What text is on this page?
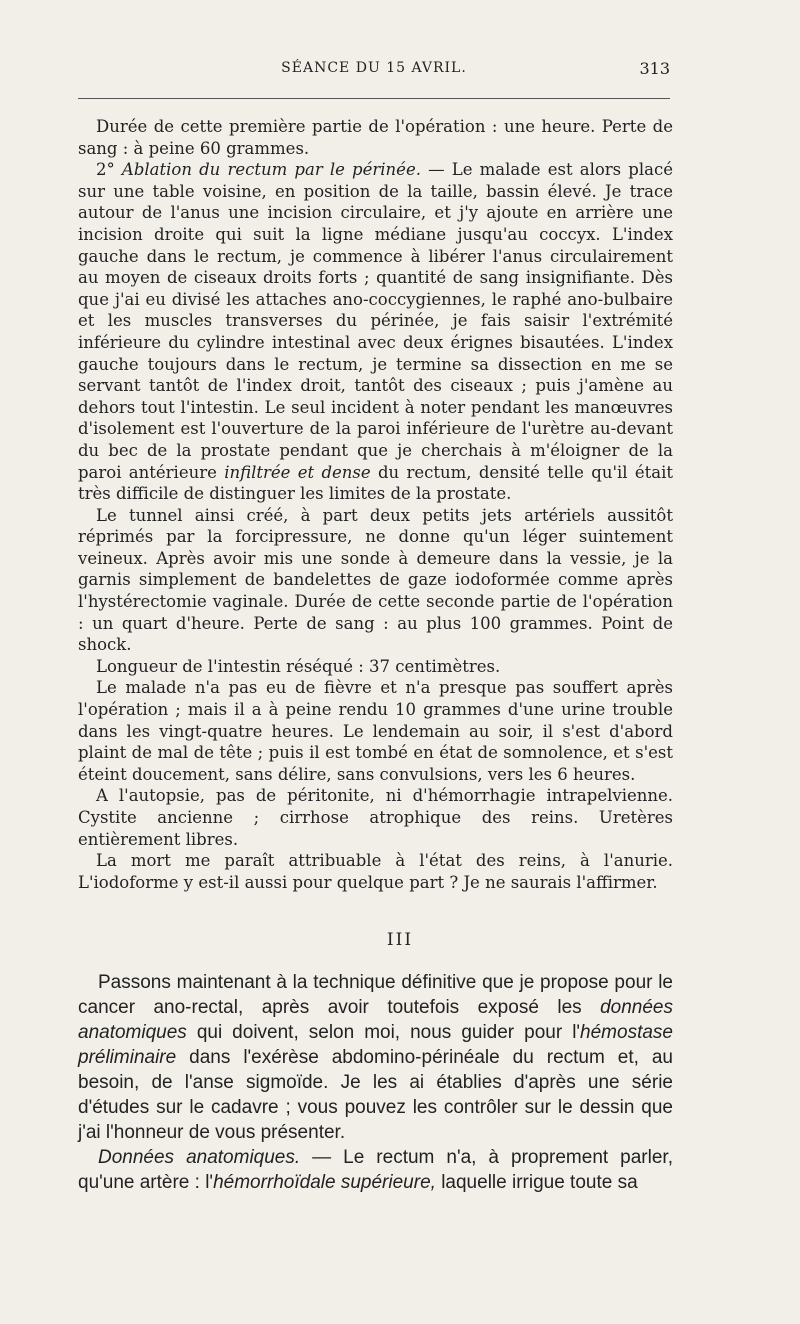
SÉANCE DU 15 AVRIL.	313

Durée de cette première partie de l'opération : une heure. Perte de sang : à peine 60 grammes.

2° Ablation du rectum par le périnée. — Le malade est alors placé sur une table voisine, en position de la taille, bassin élevé. Je trace autour de l'anus une incision circulaire, et j'y ajoute en arrière une incision droite qui suit la ligne médiane jusqu'au coccyx. L'index gauche dans le rectum, je commence à libérer l'anus circulairement au moyen de ciseaux droits forts ; quantité de sang insignifiante. Dès que j'ai eu divisé les attaches ano-coccygiennes, le raphé ano-bulbaire et les muscles transverses du périnée, je fais saisir l'extrémité inférieure du cylindre intestinal avec deux érignes bisautées. L'index gauche toujours dans le rectum, je termine sa dissection en me se servant tantôt de l'index droit, tantôt des ciseaux ; puis j'amène au dehors tout l'intestin. Le seul incident à noter pendant les manœuvres d'isolement est l'ouverture de la paroi inférieure de l'urètre au-devant du bec de la prostate pendant que je cherchais à m'éloigner de la paroi antérieure infiltrée et dense du rectum, densité telle qu'il était très difficile de distinguer les limites de la prostate.

Le tunnel ainsi créé, à part deux petits jets artériels aussitôt réprimés par la forcipressure, ne donne qu'un léger suintement veineux. Après avoir mis une sonde à demeure dans la vessie, je la garnis simplement de bandelettes de gaze iodoformée comme après l'hystérectomie vaginale. Durée de cette seconde partie de l'opération : un quart d'heure. Perte de sang : au plus 100 grammes. Point de shock.

Longueur de l'intestin réséqué : 37 centimètres.

Le malade n'a pas eu de fièvre et n'a presque pas souffert après l'opération ; mais il a à peine rendu 10 grammes d'une urine trouble dans les vingt-quatre heures. Le lendemain au soir, il s'est d'abord plaint de mal de tête ; puis il est tombé en état de somnolence, et s'est éteint doucement, sans délire, sans convulsions, vers les 6 heures.

A l'autopsie, pas de péritonite, ni d'hémorrhagie intrapelvienne. Cystite ancienne ; cirrhose atrophique des reins. Uretères entièrement libres.

La mort me paraît attribuable à l'état des reins, à l'anurie. L'iodoforme y est-il aussi pour quelque part ? Je ne saurais l'affirmer.

III

Passons maintenant à la technique définitive que je propose pour le cancer ano-rectal, après avoir toutefois exposé les données anatomiques qui doivent, selon moi, nous guider pour l'hémostase préliminaire dans l'exérèse abdomino-périnéale du rectum et, au besoin, de l'anse sigmoïde. Je les ai établies d'après une série d'études sur le cadavre ; vous pouvez les contrôler sur le dessin que j'ai l'honneur de vous présenter.

Données anatomiques. — Le rectum n'a, à proprement parler, qu'une artère : l'hémorrhoïdale supérieure, laquelle irrigue toute sa
